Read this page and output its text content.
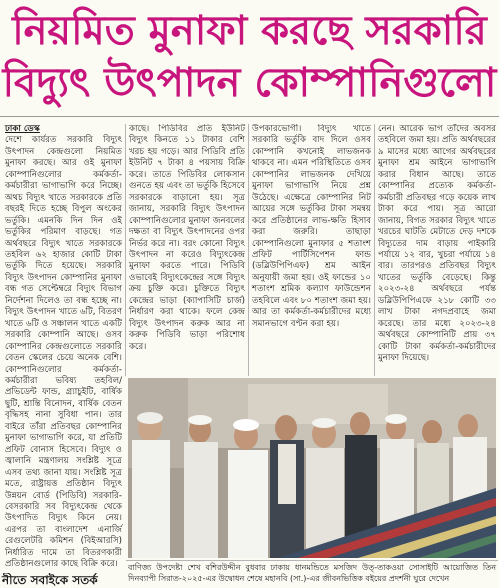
নিয়মিত মুনাফা করছে সরকারি
বিদ্যুৎ উৎপাদন কোম্পানিগুলো

ঢাকা ডেস্ক

দেশে কার্যরত সরকারি বিদ্যুৎ উৎপাদন কেন্দ্রগুলো নিয়মিত মুনাফা করছে। আর ওই মুনাফা কোম্পানিগুলোর কর্মকর্তা-কর্মচারীরা ভাগাভাগি করে নিচ্ছে। অথচ বিদ্যুৎ খাতে সরকারকে প্রতি বছরই দিতে হচ্ছে বিপুল অংকের ভর্তুকি। এমনকি দিন দিন ওই ভর্তুকির পরিমাণ বাড়ছে। গত অর্থবছরে বিদ্যুৎ খাতে সরকারকে তহবিল ৬২ হাজার কোটি টাকা ভর্তুকি দিতে হয়েছে। সরকারি বিদ্যুৎ উৎপাদন কোম্পানির মুনাফা বন্ধ গত সেপ্টেম্বরে বিদ্যুৎ বিভাগ নির্দেশনা দিলেও তা বন্ধ হচ্ছে না। বিদ্যুৎ উৎপাদন খাতে ৬টি, বিতরণ খাতে ৬টি ও সঞ্চালন খাতে একটি সরকারি কোম্পানি আছে। ওসব কোম্পানির কেন্দ্রগুলোতে সরকারি বেতন স্কেলের চেয়ে অনেক বেশি। কোম্পানিগুলোর কর্মকর্তা-কর্মচারীরা ভবিষ্য তহবিল/প্রভিডেন্ট ফান্ড, গ্র্যাচুইটি, বার্ষিক ছুটি, শ্রান্তি বিনোদন, বার্ষিক বেতন বৃদ্ধিসহ নানা সুবিধা পান। তার বাইরে তাঁরা প্রতিবছর কোম্পানির মুনাফা ভাগাভাগি করে, যা প্রতিটি প্রফিট বোনাস হিসেবে। বিদ্যুৎ ও জ্বালানি মন্ত্রণালয় সংশ্লিষ্ট সূত্রে এসব তথ্য জানা যায়। সংশ্লিষ্ট সূত্র মতে, রাষ্ট্রায়ত্ত প্রতিষ্ঠান বিদ্যুৎ উন্নয়ন বোর্ড (পিডিবি) সরকারি-বেসরকারি সব বিদ্যুৎকেন্দ্র থেকে উৎপাদিত বিদ্যুৎ কিনে নেয়। এরপর তা বাংলাদেশ এনার্জি রেগুলেটরি কমিশন (বিইআরসি) নির্ধারিত দামে তা বিতরণকারী প্রতিষ্ঠানগুলোর কাছে বিক্রি করে।

কাছে। পিডিবির প্রতি ইউনিট বিদ্যুৎ কিনতে ১১ টাকার বেশি খরচ হয় গড়ে। আর পিডিবি প্রতি ইউনিট ৭ টাকা ৪ পয়সায় বিক্রি করে। তাতে পিডিবির লোকসান গুনতে হয় এবং তা ভর্তুকি হিসেবে সরকারকে বাড়ানো হয়। সূত্র জানায়, সরকারি বিদ্যুৎ উৎপাদন কোম্পানিগুলোর মুনাফা জনবলের দক্ষতা বা বিদ্যুৎ উৎপাদনের ওপর নির্ভর করে না। বরং কোনো বিদ্যুৎ উৎপাদন না করেও বিদ্যুৎকেন্দ্র মুনাফা করতে পারে। পিডিবি ওভাবেই বিদ্যুৎকেন্দ্রের সঙ্গে বিদ্যুৎ ক্রয় চুক্তি করে। চুক্তিতে বিদ্যুৎ কেন্দ্রের ভাড়া (ক্যাপাসিটি চার্জ) নির্ধারণ করা থাকে। ফলে কেন্দ্র বিদ্যুৎ উৎপাদন করুক আর না করুক পিডিবি ভাড়া পরিশোধ করে।

উপকারভোগী। বিদ্যুৎ খাতে সরকারি ভর্তুকি বাদ দিলে ওসব কোম্পানি কখনোই লাভজনক থাকবে না। এমন পরিস্থিতিতে ওসব কোম্পানির লাভজনক দেখিয়ে মুনাফা ভাগাভাগি নিয়ে প্রশ্ন উঠেছে। এক্ষেত্রে কোম্পানির নিট আয়ের সঙ্গে ভর্তুকির টাকা সমন্বয় করে প্রতিষ্ঠানের লাভ-ক্ষতি হিসাব করা জরুরি। তাছাড়া কোম্পানিগুলো মুনাফার ৫ শতাংশ প্রফিট পার্টিসিপেশন ফান্ড (ডব্লিউপিপিএফ) শ্রম আইন অনুযায়ী জমা হয়। ওই ফান্ডের ১০ শতাংশ শ্রমিক কল্যাণ ফাউন্ডেশন তহবিলে এবং ৮০ শতাংশ জমা হয়। আর তা কর্মকর্তা-কর্মচারীদের মধ্যে সমানভাগে বণ্টন করা হয়।

নেন। আরেক ভাগ তাঁদের অবসর তহবিলে জমা হয়। প্রতি অর্থবছরের ৯ মাসের মধ্যে আগের অর্থবছরের মুনাফা শ্রম আইনে ভাগাভাগি করার বিধান আছে। তাতে কোম্পানির প্রত্যেক কর্মকর্তা-কর্মচারী প্রতিবছর গড়ে কয়েক লাখ টাকা করে পায়। সূত্র আরো জানায়, বিগত সরকার বিদ্যুৎ খাতে খরচের ঘাটতি মেটাতে দেড় দশকে বিদ্যুতের দাম বাড়ায় পাইকারি পর্যায়ে ১২ বার, খুচরা পর্যায়ে ১৪ বার। তারপরও প্রতিবছর বিদ্যুৎ খাতের ভর্তুকি বেড়েছে। কিন্তু ২০২৩-২৪ অর্থবছরে পর্যন্ত ডব্লিউপিপিএফে ২১৮ কোটি ৩৩ লাখ টাকা নগদপ্রবাহে জমা করেছে। তার মধ্যে ২০২৩-২৪ অর্থবছরে কোম্পানিটি প্রায় ৩৭ কোটি টাকা কর্মকর্তা-কর্মচারীদের মুনাফা দিয়েছে।

বাণিজ্য উপদেষ্টা শেখ বশিরউদ্দীন বুধবার ঢাকায় ধানমন্ডিতে মসজিদ উত্-তাকওয়া সোসাইটি আয়োজিত তিন দিনব্যাপী সিরাত-২০২৫-এর উদ্বোধন শেষে মহানবি (সা.)-এর জীবনভিত্তিক বইয়ের প্রদর্শনী ঘুরে দেখেন
নীতে সবাইকে সতর্ক
